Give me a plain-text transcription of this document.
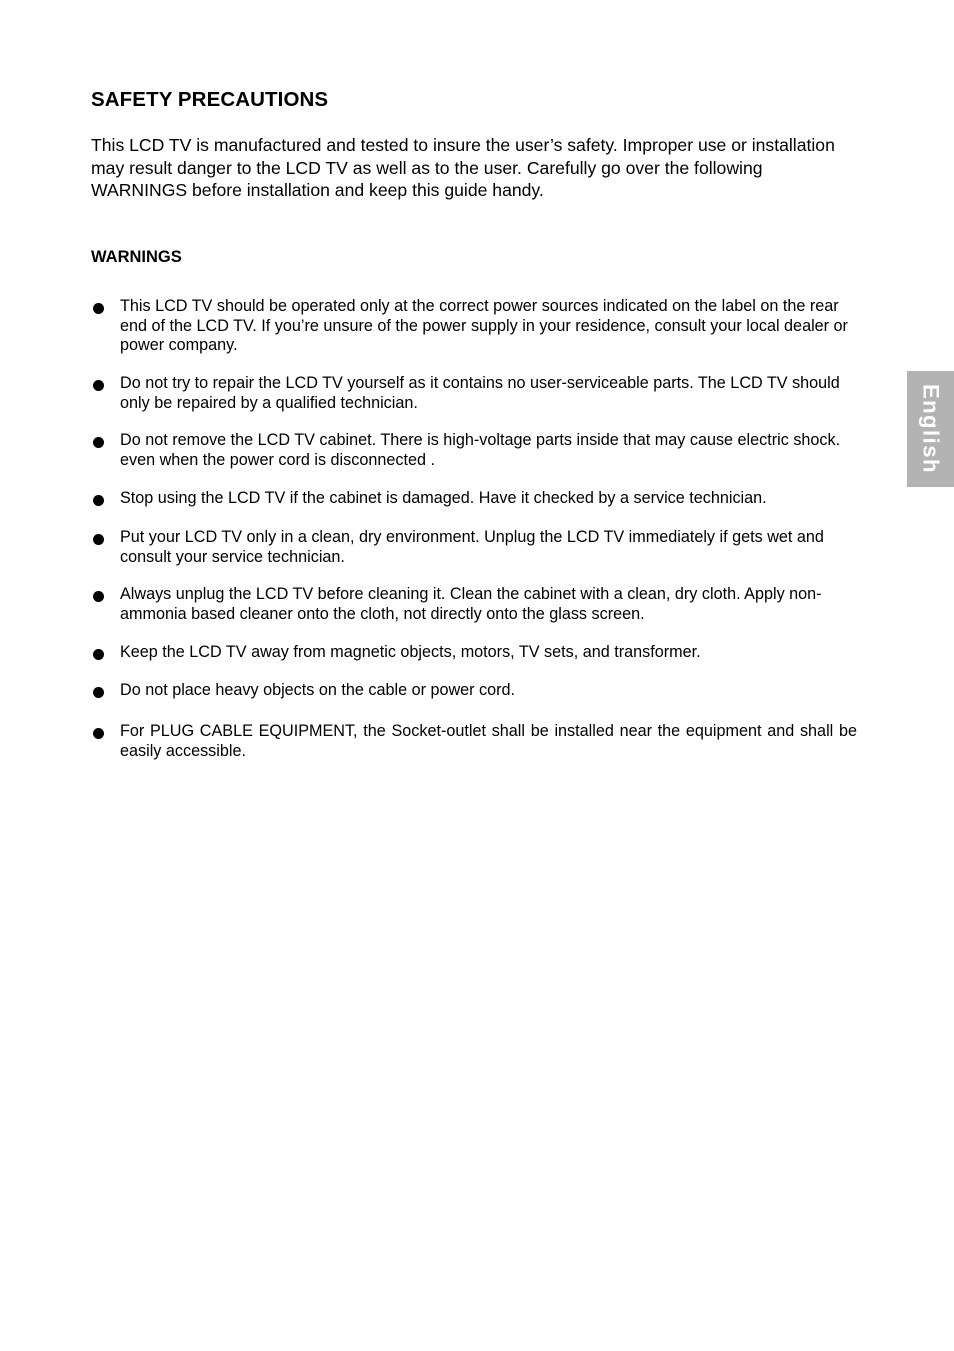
SAFETY PRECAUTIONS

This LCD TV is manufactured and tested to insure the user’s safety. Improper use or installation may result danger to the LCD TV as well as to the user. Carefully go over the following WARNINGS before installation and keep this guide handy.

WARNINGS
This LCD TV should be operated only at the correct power sources indicated on the label on the rear end of the LCD TV. If you’re unsure of the power supply in your residence, consult your local dealer or power company.
Do not try to repair the LCD TV yourself as it contains no user-serviceable parts. The LCD TV should only be repaired by a qualified technician.
Do not remove the LCD TV cabinet. There is high-voltage parts inside that may cause electric shock. even when the power cord is disconnected .
Stop using the LCD TV if the cabinet is damaged. Have it checked by a service technician.
Put your LCD TV only in a clean, dry environment. Unplug the LCD TV immediately if gets wet and consult your service technician.
Always unplug the LCD TV before cleaning it. Clean the cabinet with a clean, dry cloth. Apply non-ammonia based cleaner onto the cloth, not directly onto the glass screen.
Keep the LCD TV away from magnetic objects, motors, TV sets, and transformer.
Do not place heavy objects on the cable or power cord.
For PLUG CABLE EQUIPMENT, the Socket-outlet shall be installed near the equipment and shall be easily accessible.
English
